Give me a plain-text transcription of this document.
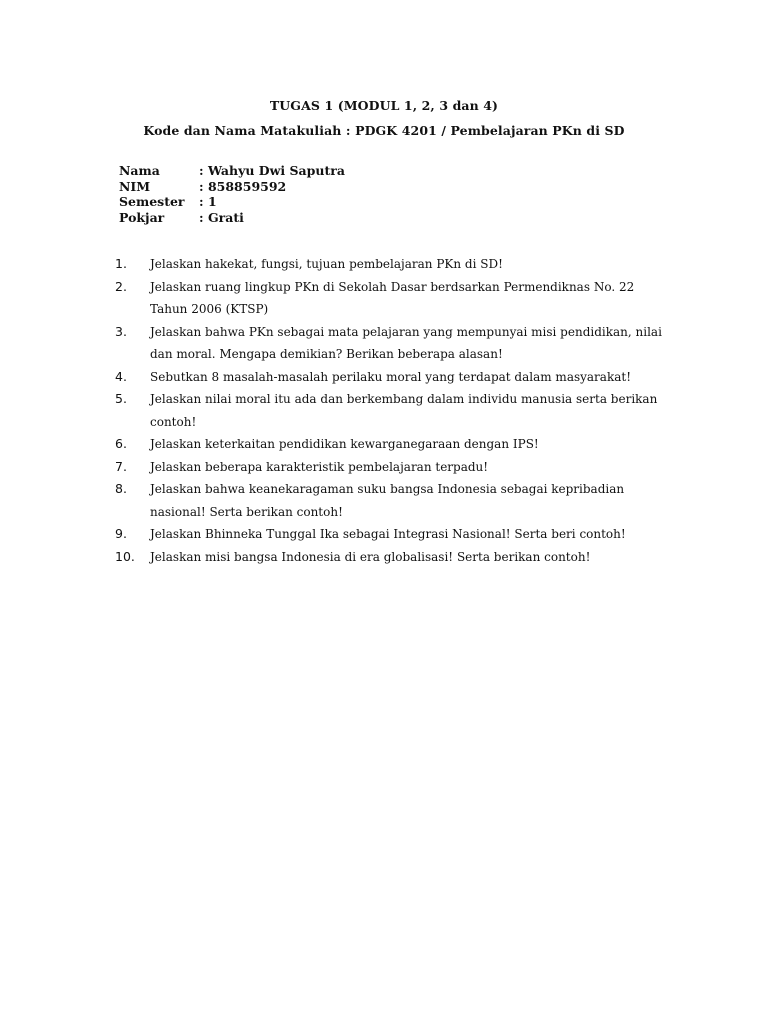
TUGAS 1 (MODUL 1, 2, 3 dan 4)
Kode dan Nama Matakuliah : PDGK 4201 / Pembelajaran PKn di SD
Nama	: Wahyu Dwi Saputra
NIM	: 858859592
Semester	: 1
Pokjar	: Grati
1.	Jelaskan hakekat, fungsi, tujuan pembelajaran PKn di SD!
2.	Jelaskan ruang lingkup PKn di Sekolah Dasar berdsarkan Permendiknas No. 22
Tahun 2006 (KTSP)
3.	Jelaskan bahwa PKn sebagai mata pelajaran yang mempunyai misi pendidikan, nilai
dan moral. Mengapa demikian? Berikan beberapa alasan!
4.	Sebutkan 8 masalah-masalah perilaku moral yang terdapat dalam masyarakat!
5.	Jelaskan nilai moral itu ada dan berkembang dalam individu manusia serta berikan
contoh!
6.	Jelaskan keterkaitan pendidikan kewarganegaraan dengan IPS!
7.	Jelaskan beberapa karakteristik pembelajaran terpadu!
8.	Jelaskan bahwa keanekaragaman suku bangsa Indonesia sebagai kepribadian
nasional! Serta berikan contoh!
9.	Jelaskan Bhinneka Tunggal Ika sebagai Integrasi Nasional! Serta beri contoh!
10.	Jelaskan misi bangsa Indonesia di era globalisasi! Serta berikan contoh!
